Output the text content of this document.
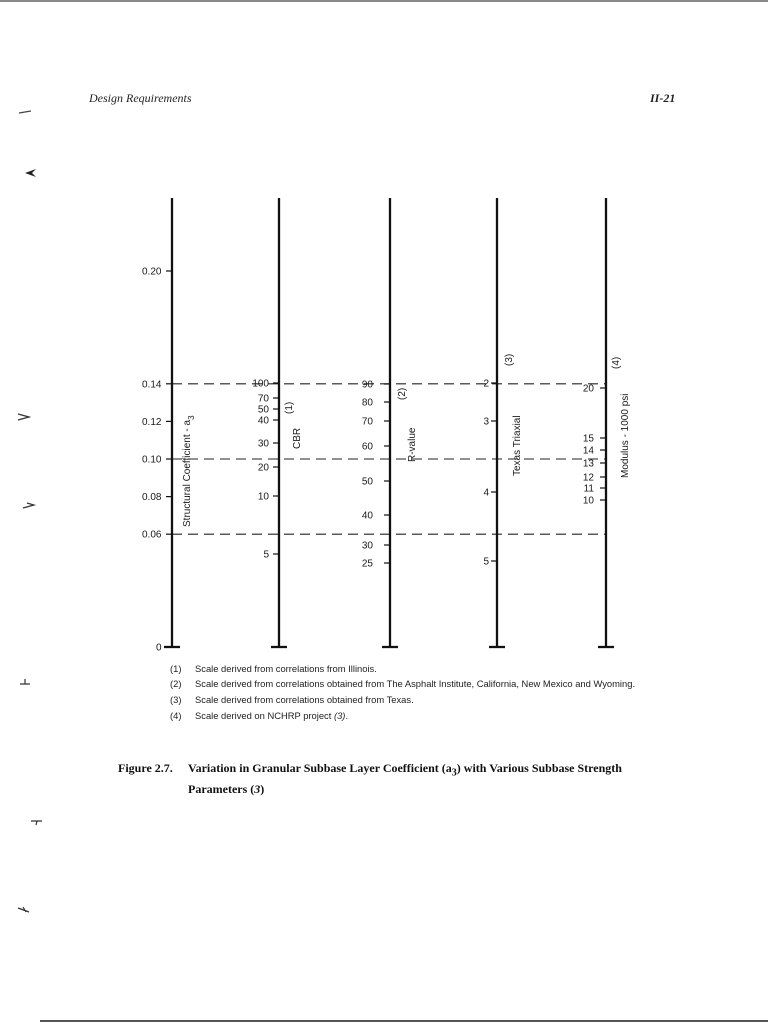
Design Requirements	II-21
0.20
0.14
0.12
0.10
0.08
0.06
0
100
70
50
40
30
20
10
5
90
80
70
60
50
40
30
25
2
3
4
5
20
15
14
13
12
11
10
Structural Coefficient - $a_3$
CBR
(1)
R-value
(2)
Texas Triaxial
(3)
Modulus - 1000 psi
(4)
(1)	Scale derived from correlations from Illinois.
(2)	Scale derived from correlations obtained from The Asphalt Institute, California, New Mexico and Wyoming.
(3)	Scale derived from correlations obtained from Texas.
(4)	Scale derived on NCHRP project (3).
Figure 2.7. Variation in Granular Subbase Layer Coefficient $(a_3)$ with Various Subbase Strength Parameters (3)
